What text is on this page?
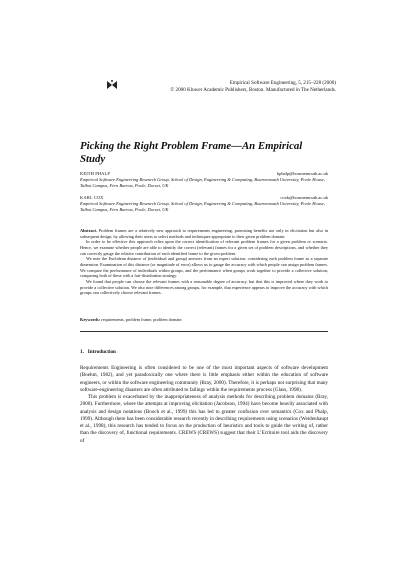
Empirical Software Engineering, 5, 215–228 (2000)
© 2000 Kluwer Academic Publishers, Boston. Manufactured in The Netherlands.
Picking the Right Problem Frame—An Empirical Study
KEITH PHALP	kphalp@bournemouth.ac.uk
Empirical Software Engineering Research Group, School of Design, Engineering & Computing, Bournemouth University, Poole House, Talbot Campus, Fern Barrow, Poole, Dorset, UK
KARL COX	coxk@bournemouth.ac.uk
Empirical Software Engineering Research Group, School of Design, Engineering & Computing, Bournemouth University, Poole House, Talbot Campus, Fern Barrow, Poole, Dorset, UK

Abstract. Problem frames are a relatively new approach to requirements engineering, promising benefits not only in elicitation but also in subsequent design, by allowing their users to select methods and techniques appropriate to their given problem domain.

In order to be effective this approach relies upon the correct identification of relevant problem frames for a given problem or scenario. Hence, we examine whether people are able to identify the correct (relevant) frames for a given set of problem descriptions, and whether they can correctly gauge the relative contribution of each identified frame to the given problem.

We note the Euclidean distance of (individual and group) answers from an expert solution, considering each problem frame as a separate dimension. Examination of this distance (or magnitude of error) allows us to gauge the accuracy with which people can assign problem frames. We compare the performance of individuals within groups, and the performance when groups work together to provide a collective solution, comparing both of these with a fair-distribution strategy.

We found that people can choose the relevant frames with a reasonable degree of accuracy, but that this is improved where they work to provide a collective solution. We also note differences among groups, for example, that experience appears to improve the accuracy with which groups can collectively choose relevant frames.

Keywords: requirements, problem frame, problem domain
1. Introduction

Requirements Engineering is often considered to be one of the most important aspects of software development (Boehm, 1982), and yet paradoxically one where there is little emphasis either within the education of software engineers, or within the software engineering community (Bray, 2000). Therefore, it is perhaps not surprising that many software-engineering disasters are often attributed to failings within the requirements process (Glass, 1998).

This problem is exacerbated by the inappropriateness of analysis methods for describing problem domains (Bray, 2000). Furthermore, where the attempts at improving elicitation (Jacobson, 1994) have become heavily associated with analysis and design notations (Booch et al., 1999) this has led to greater confusion over semantics (Cox and Phalp, 1999). Although there has been considerable research recently in describing requirements using scenarios (Weidenhaupt et al., 1998), this research has tended to focus on the production of heuristics and tools to guide the writing of, rather than the discovery of, functional requirements. CREWS (CREWS) suggest that their L’Ecritoire tool aids the discovery of
